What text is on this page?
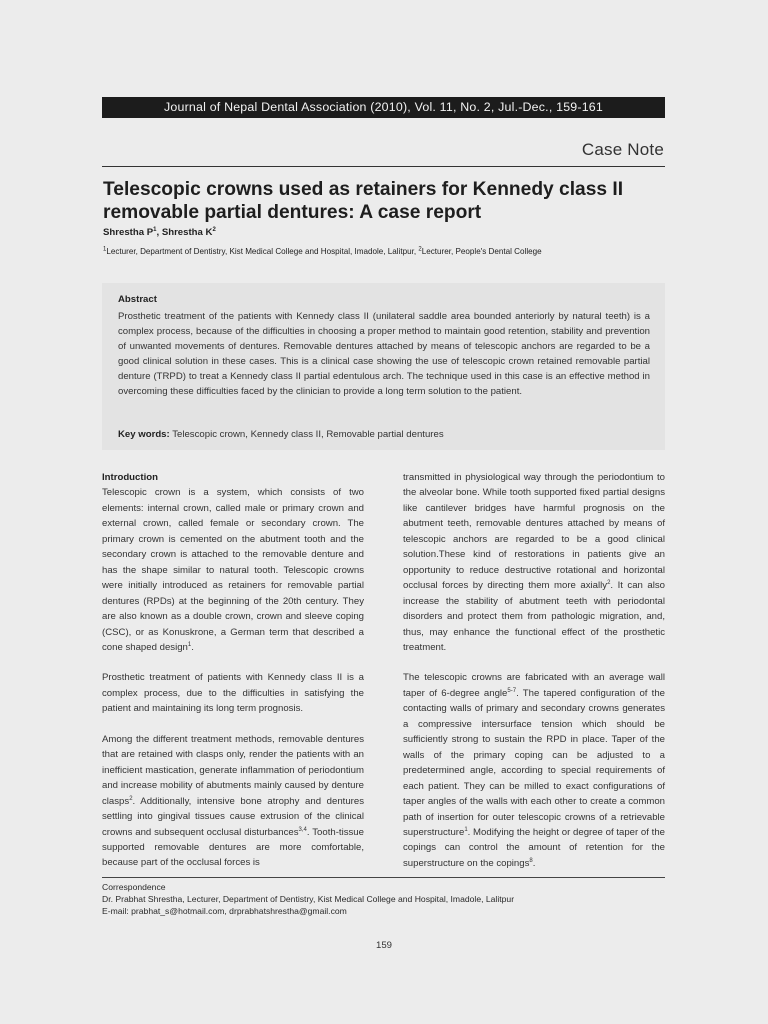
Journal of Nepal Dental Association (2010), Vol. 11, No. 2, Jul.-Dec., 159-161
Case Note
Telescopic crowns used as retainers for Kennedy class II removable partial dentures: A case report
Shrestha $P^1$, Shrestha $K^2$
$^1$Lecturer, Department of Dentistry, Kist Medical College and Hospital, Imadole, Lalitpur, $^2$Lecturer, People's Dental College
Abstract

Prosthetic treatment of the patients with Kennedy class II (unilateral saddle area bounded anteriorly by natural teeth) is a complex process, because of the difficulties in choosing a proper method to maintain good retention, stability and prevention of unwanted movements of dentures. Removable dentures attached by means of telescopic anchors are regarded to be a good clinical solution in these cases. This is a clinical case showing the use of telescopic crown retained removable partial denture (TRPD) to treat a Kennedy class II partial edentulous arch. The technique used in this case is an effective method in overcoming these difficulties faced by the clinician to provide a long term solution to the patient.

Key words: Telescopic crown, Kennedy class II, Removable partial dentures

Introduction

Telescopic crown is a system, which consists of two elements: internal crown, called male or primary crown and external crown, called female or secondary crown. The primary crown is cemented on the abutment tooth and the secondary crown is attached to the removable denture and has the shape similar to natural tooth. Telescopic crowns were initially introduced as retainers for removable partial dentures (RPDs) at the beginning of the 20th century. They are also known as a double crown, crown and sleeve coping (CSC), or as Konuskrone, a German term that described a cone shaped design$^1$.

Prosthetic treatment of patients with Kennedy class II is a complex process, due to the difficulties in satisfying the patient and maintaining its long term prognosis.

Among the different treatment methods, removable dentures that are retained with clasps only, render the patients with an inefficient mastication, generate inflammation of periodontium and increase mobility of abutments mainly caused by denture clasps$^2$. Additionally, intensive bone atrophy and dentures settling into gingival tissues cause extrusion of the clinical crowns and subsequent occlusal disturbances$^{3,4}$. Tooth-tissue supported removable dentures are more comfortable, because part of the occlusal forces is

transmitted in physiological way through the periodontium to the alveolar bone. While tooth supported fixed partial designs like cantilever bridges have harmful prognosis on the abutment teeth, removable dentures attached by means of telescopic anchors are regarded to be a good clinical solution.These kind of restorations in patients give an opportunity to reduce destructive rotational and horizontal occlusal forces by directing them more axially$^2$. It can also increase the stability of abutment teeth with periodontal disorders and protect them from pathologic migration, and, thus, may enhance the functional effect of the prosthetic treatment.

The telescopic crowns are fabricated with an average wall taper of 6-degree angle$^{5-7}$. The tapered configuration of the contacting walls of primary and secondary crowns generates a compressive intersurface tension which should be sufficiently strong to sustain the RPD in place. Taper of the walls of the primary coping can be adjusted to a predetermined angle, according to special requirements of each patient. They can be milled to exact configurations of taper angles of the walls with each other to create a common path of insertion for outer telescopic crowns of a retrievable superstructure$^1$. Modifying the height or degree of taper of the copings can control the amount of retention for the superstructure on the copings$^8$.

Correspondence
Dr. Prabhat Shrestha, Lecturer, Department of Dentistry, Kist Medical College and Hospital, Imadole, Lalitpur
E-mail: prabhat_s@hotmail.com, drprabhatshrestha@gmail.com
159
